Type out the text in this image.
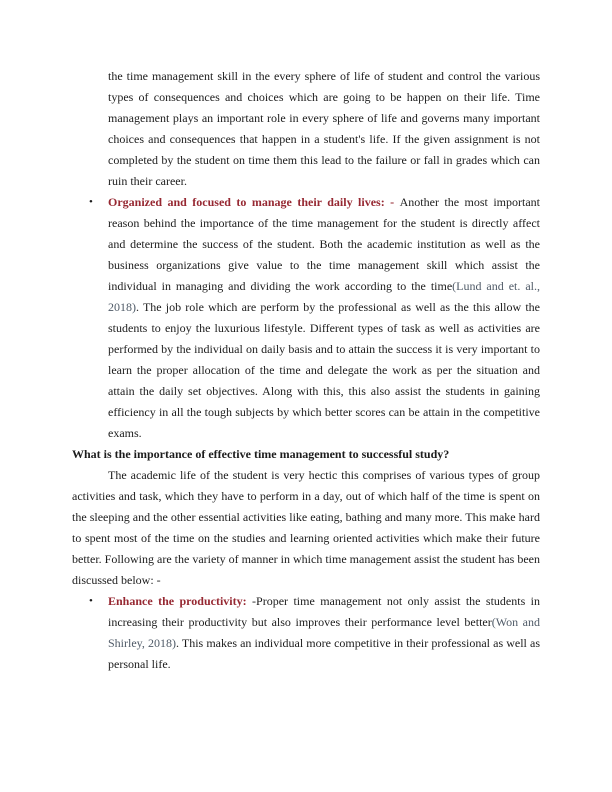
the time management skill in the every sphere of life of student and control the various types of consequences and choices which are going to be happen on their life. Time management plays an important role in every sphere of life and governs many important choices and consequences that happen in a student's life. If the given assignment is not completed by the student on time them this lead to the failure or fall in grades which can ruin their career.
• Organized and focused to manage their daily lives: - Another the most important reason behind the importance of the time management for the student is directly affect and determine the success of the student. Both the academic institution as well as the business organizations give value to the time management skill which assist the individual in managing and dividing the work according to the time(Lund and et. al., 2018). The job role which are perform by the professional as well as the this allow the students to enjoy the luxurious lifestyle. Different types of task as well as activities are performed by the individual on daily basis and to attain the success it is very important to learn the proper allocation of the time and delegate the work as per the situation and attain the daily set objectives. Along with this, this also assist the students in gaining efficiency in all the tough subjects by which better scores can be attain in the competitive exams.
What is the importance of effective time management to successful study?
The academic life of the student is very hectic this comprises of various types of group activities and task, which they have to perform in a day, out of which half of the time is spent on the sleeping and the other essential activities like eating, bathing and many more. This make hard to spent most of the time on the studies and learning oriented activities which make their future better. Following are the variety of manner in which time management assist the student has been discussed below: -
• Enhance the productivity: -Proper time management not only assist the students in increasing their productivity but also improves their performance level better(Won and Shirley, 2018). This makes an individual more competitive in their professional as well as personal life.
